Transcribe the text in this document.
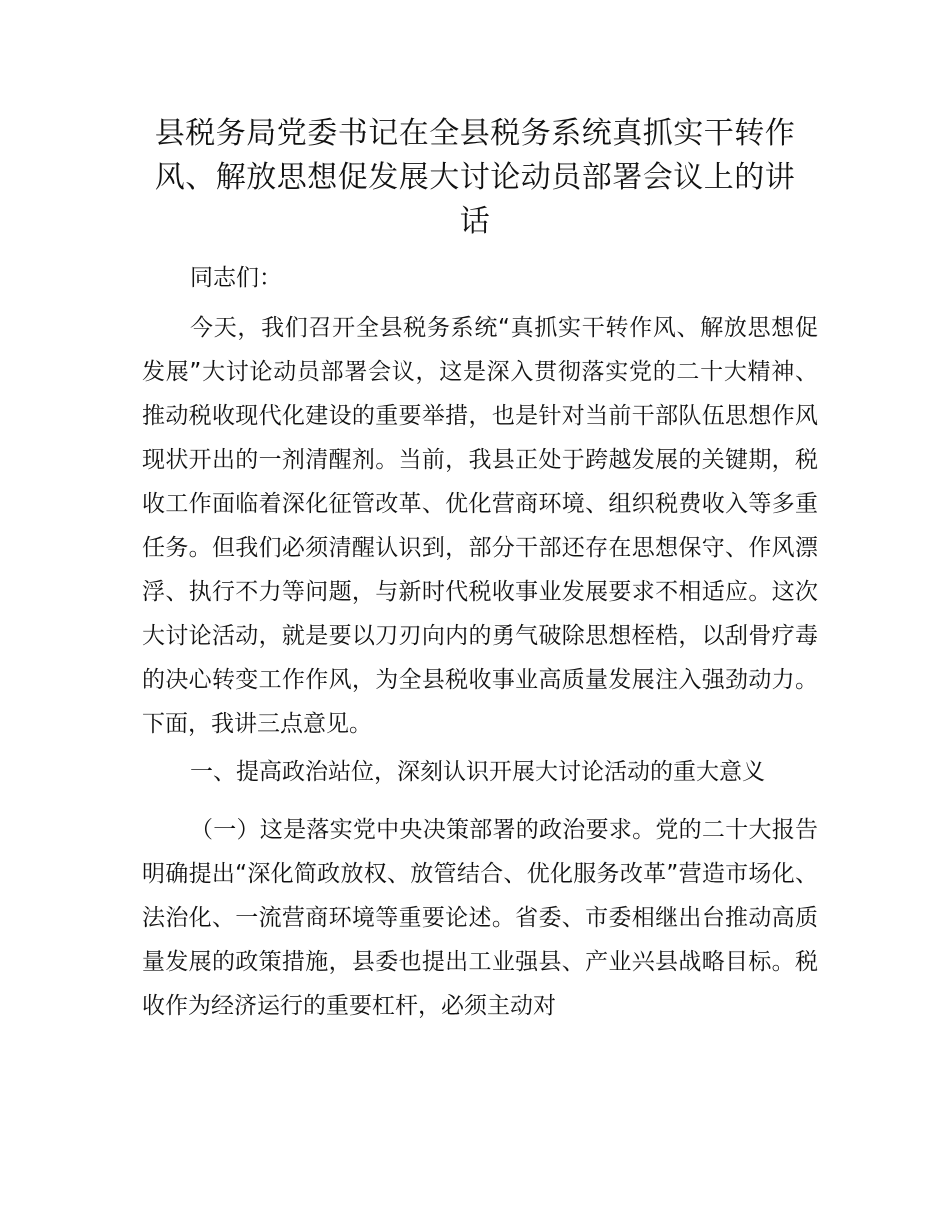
县税务局党委书记在全县税务系统真抓实干转作风、解放思想促发展大讨论动员部署会议上的讲话

同志们：

今天，我们召开全县税务系统“真抓实干转作风、解放思想促发展”大讨论动员部署会议，这是深入贯彻落实党的二十大精神、推动税收现代化建设的重要举措，也是针对当前干部队伍思想作风现状开出的一剂清醒剂。当前，我县正处于跨越发展的关键期，税收工作面临着深化征管改革、优化营商环境、组织税费收入等多重任务。但我们必须清醒认识到，部分干部还存在思想保守、作风漂浮、执行不力等问题，与新时代税收事业发展要求不相适应。这次大讨论活动，就是要以刀刃向内的勇气破除思想桎梏，以刮骨疗毒的决心转变工作作风，为全县税收事业高质量发展注入强劲动力。下面，我讲三点意见。

一、提高政治站位，深刻认识开展大讨论活动的重大意义

（一）这是落实党中央决策部署的政治要求。党的二十大报告明确提出“深化简政放权、放管结合、优化服务改革”营造市场化、法治化、一流营商环境等重要论述。省委、市委相继出台推动高质量发展的政策措施，县委也提出工业强县、产业兴县战略目标。税收作为经济运行的重要杠杆，必须主动对
